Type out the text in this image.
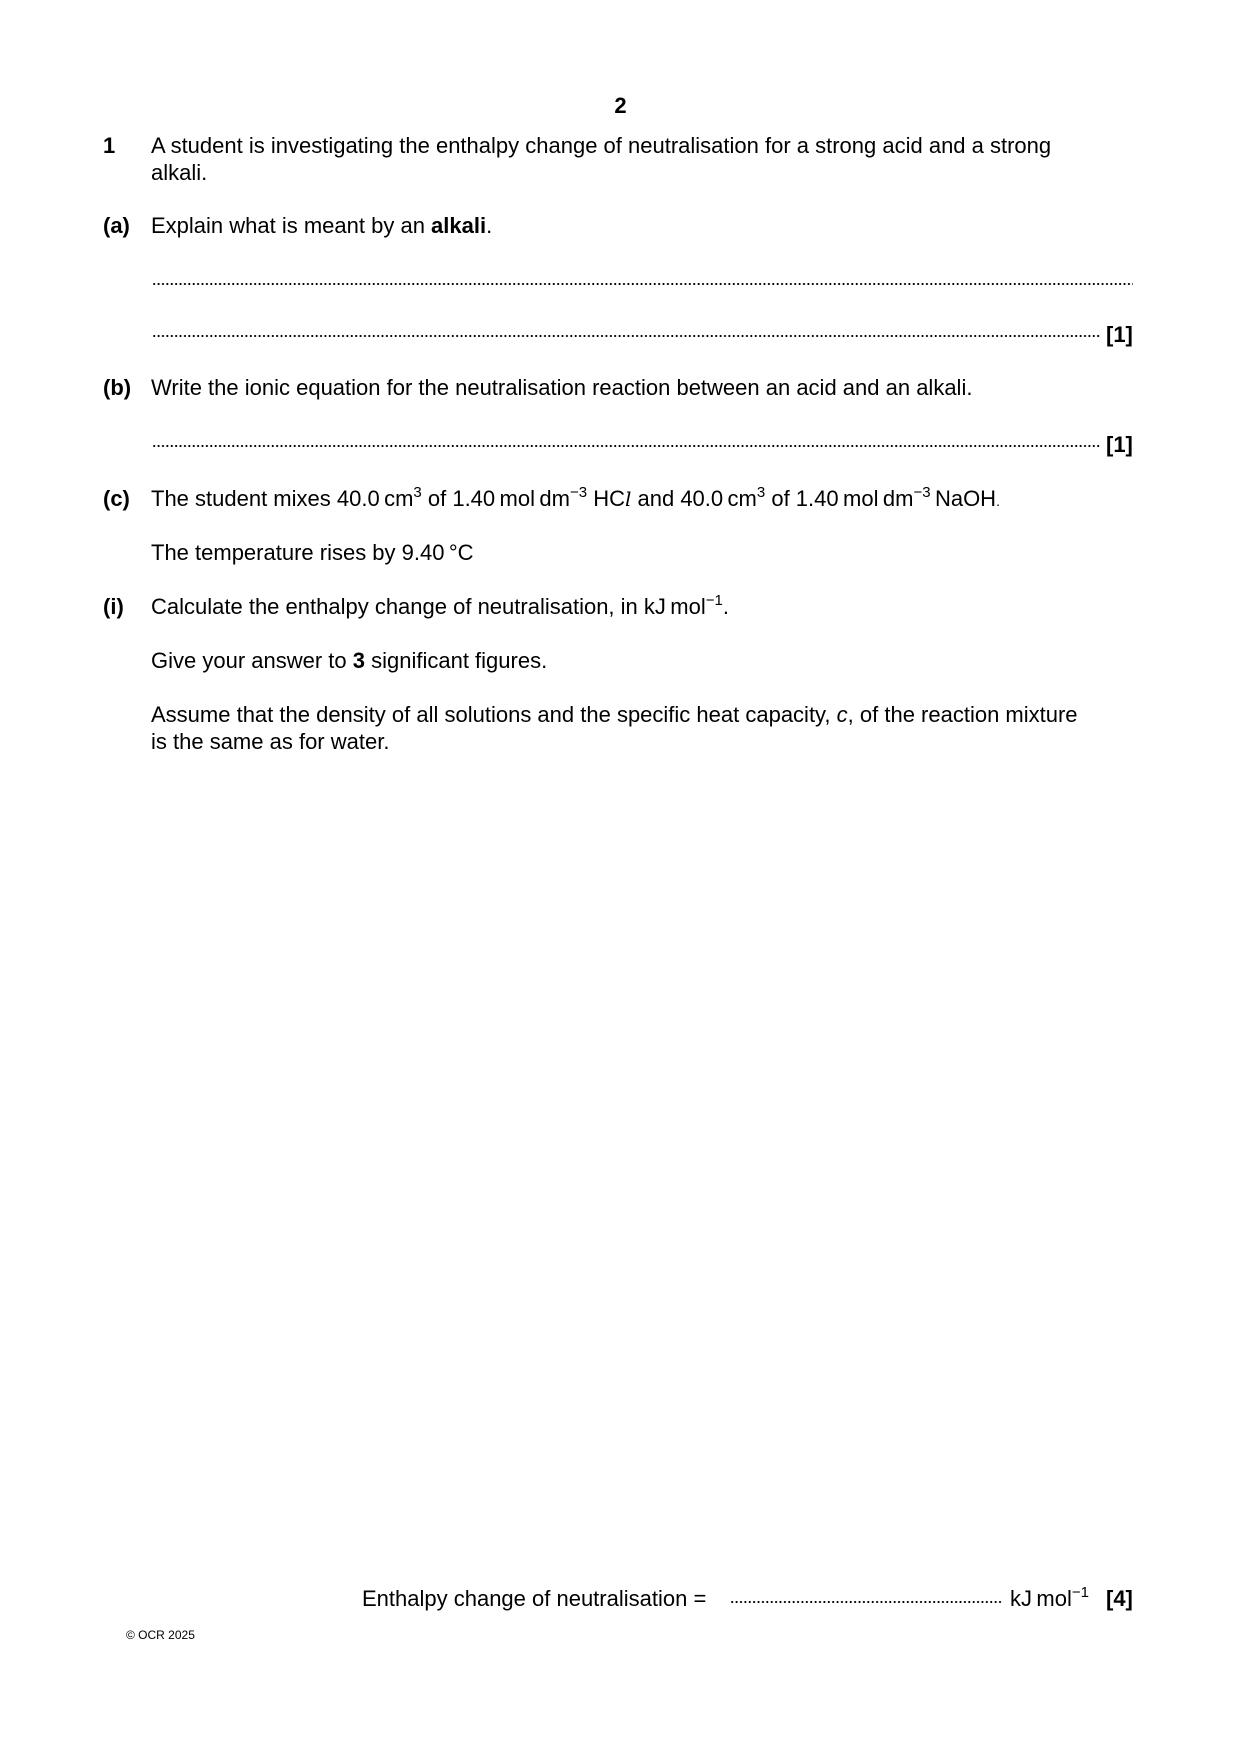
2
1 A student is investigating the enthalpy change of neutralisation for a strong acid and a strong
alkali.
(a) Explain what is meant by an alkali.
[1]
(b) Write the ionic equation for the neutralisation reaction between an acid and an alkali.
[1]
(c) The student mixes 40.0 $cm^3$ of 1.40 mol $dm^{-3}$ HCl and 40.0 $cm^3$ of 1.40 mol $dm^{-3}$ NaOH.
The temperature rises by 9.40 °C
(i) Calculate the enthalpy change of neutralisation, in kJ mol$^{-1}$.
Give your answer to 3 significant figures.
Assume that the density of all solutions and the specific heat capacity, c, of the reaction mixture
is the same as for water.
Enthalpy change of neutralisation =	kJ mol$^{-1}$ [4]
© OCR 2025
